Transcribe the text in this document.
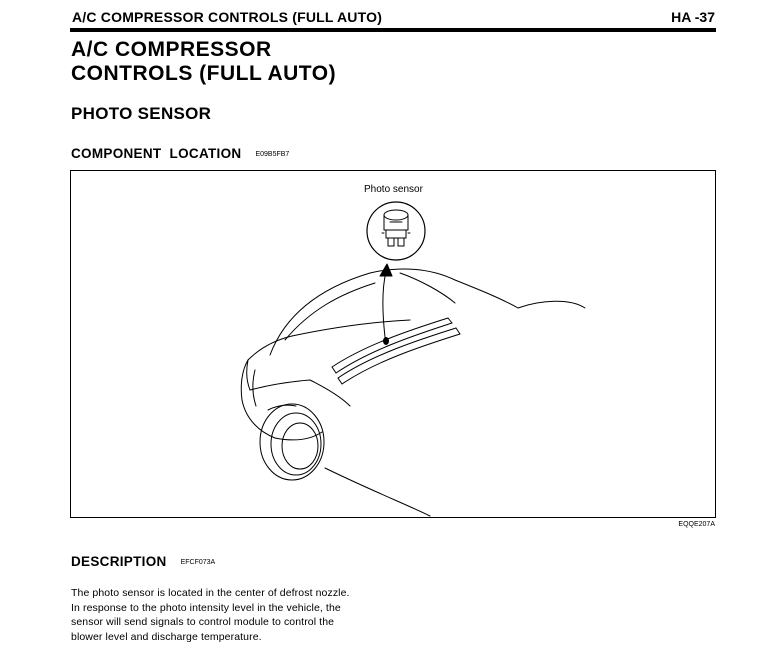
A/C COMPRESSOR CONTROLS (FULL AUTO)	HA -37
A/C COMPRESSOR
CONTROLS (FULL AUTO)
PHOTO SENSOR
COMPONENT  LOCATION E09B5FB7
Photo sensor
EQQE207A
DESCRIPTION EFCF073A

The photo sensor is located in the center of defrost nozzle.

In response to the photo intensity level in the vehicle, the

sensor will send signals to control module to control the

blower level and discharge temperature.
